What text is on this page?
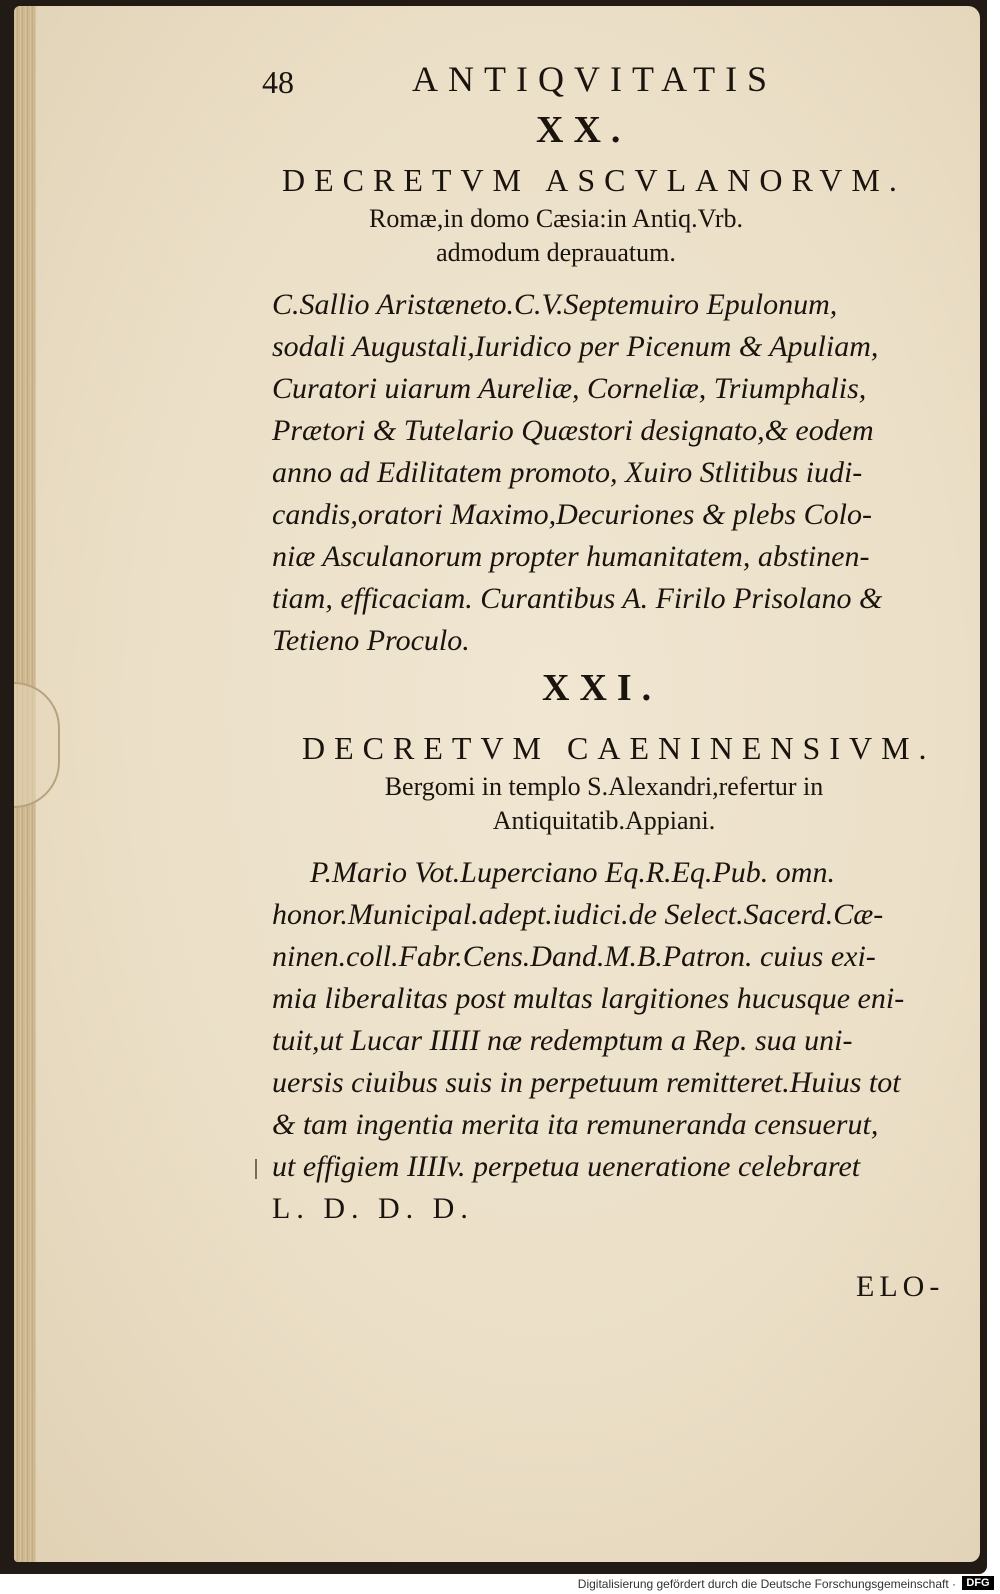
48	ANTIQVITATIS
XX.
DECRETVM ASCVLANORVM.
Romæ,in domo Cæsia:in Antiq.Vrb.
admodum deprauatum.
C.Sallio Aristæneto.C.V.Septemuiro Epulonum,
sodali Augustali,Iuridico per Picenum & Apuliam,
Curatori uiarum Aureliæ, Corneliæ, Triumphalis,
Prætori & Tutelario Quæstori designato,& eodem
anno ad Edilitatem promoto, Xuiro Stlitibus iudi-
candis,oratori Maximo,Decuriones & plebs Colo-
niæ Asculanorum propter humanitatem, abstinen-
tiam, efficaciam. Curantibus A. Firilo Prisolano &
Tetieno Proculo.
XXI.
DECRETVM CAENINENSIVM.
Bergomi in templo S.Alexandri,refertur in
Antiquitatib.Appiani.
P.Mario Vot.Luperciano Eq.R.Eq.Pub. omn.
honor.Municipal.adept.iudici.de Select.Sacerd.Cæ-
ninen.coll.Fabr.Cens.Dand.M.B.Patron. cuius exi-
mia liberalitas post multas largitiones hucusque eni-
tuit,ut Lucar IIIII næ redemptum a Rep. sua uni-
uersis ciuibus suis in perpetuum remitteret.Huius tot
& tam ingentia merita ita remuneranda censuerut,
ut effigiem IIIIv. perpetua ueneratione celebraret
L. D. D. D.
ELO-
Digitalisierung gefördert durch die Deutsche Forschungsgemeinschaft · DFG
